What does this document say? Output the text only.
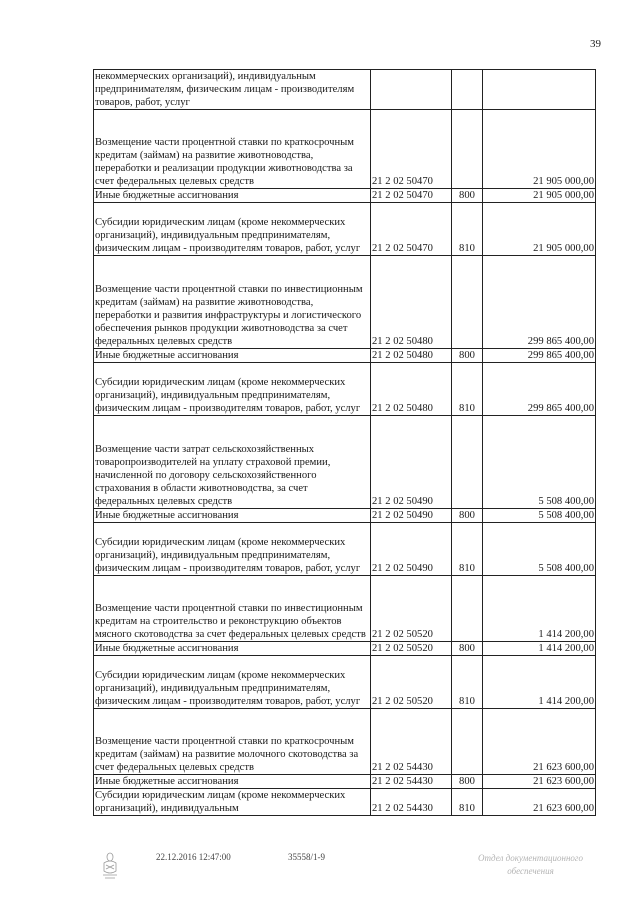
39
некоммерческих организаций), индивидуальным предпринимателям, физическим лицам - производителям товаров, работ, услуг			
Возмещение части процентной ставки по краткосрочным кредитам (займам) на развитие животноводства, переработки и реализации продукции животноводства за счет федеральных целевых средств	21 2 02 50470		21 905 000,00
Иные бюджетные ассигнования	21 2 02 50470	800	21 905 000,00
Субсидии юридическим лицам (кроме некоммерческих организаций), индивидуальным предпринимателям, физическим лицам - производителям товаров, работ, услуг	21 2 02 50470	810	21 905 000,00
Возмещение части процентной ставки по инвестиционным кредитам (займам) на развитие животноводства, переработки и развития инфраструктуры и логистического обеспечения рынков продукции животноводства за счет федеральных целевых средств	21 2 02 50480		299 865 400,00
Иные бюджетные ассигнования	21 2 02 50480	800	299 865 400,00
Субсидии юридическим лицам (кроме некоммерческих организаций), индивидуальным предпринимателям, физическим лицам - производителям товаров, работ, услуг	21 2 02 50480	810	299 865 400,00
Возмещение части затрат сельскохозяйственных товаропроизводителей на уплату страховой премии, начисленной по договору сельскохозяйственного страхования в области животноводства, за счет федеральных целевых средств	21 2 02 50490		5 508 400,00
Иные бюджетные ассигнования	21 2 02 50490	800	5 508 400,00
Субсидии юридическим лицам (кроме некоммерческих организаций), индивидуальным предпринимателям, физическим лицам - производителям товаров, работ, услуг	21 2 02 50490	810	5 508 400,00
Возмещение части процентной ставки по инвестиционным кредитам на строительство и реконструкцию объектов мясного скотоводства за счет федеральных целевых средств	21 2 02 50520		1 414 200,00
Иные бюджетные ассигнования	21 2 02 50520	800	1 414 200,00
Субсидии юридическим лицам (кроме некоммерческих организаций), индивидуальным предпринимателям, физическим лицам - производителям товаров, работ, услуг	21 2 02 50520	810	1 414 200,00
Возмещение части процентной ставки по краткосрочным кредитам (займам) на развитие молочного скотоводства за счет федеральных целевых средств	21 2 02 54430		21 623 600,00
Иные бюджетные ассигнования	21 2 02 54430	800	21 623 600,00
Субсидии юридическим лицам (кроме некоммерческих организаций), индивидуальным	21 2 02 54430	810	21 623 600,00
22.12.2016 12:47:00	35558/1-9	Отдел документационного
обеспечения
